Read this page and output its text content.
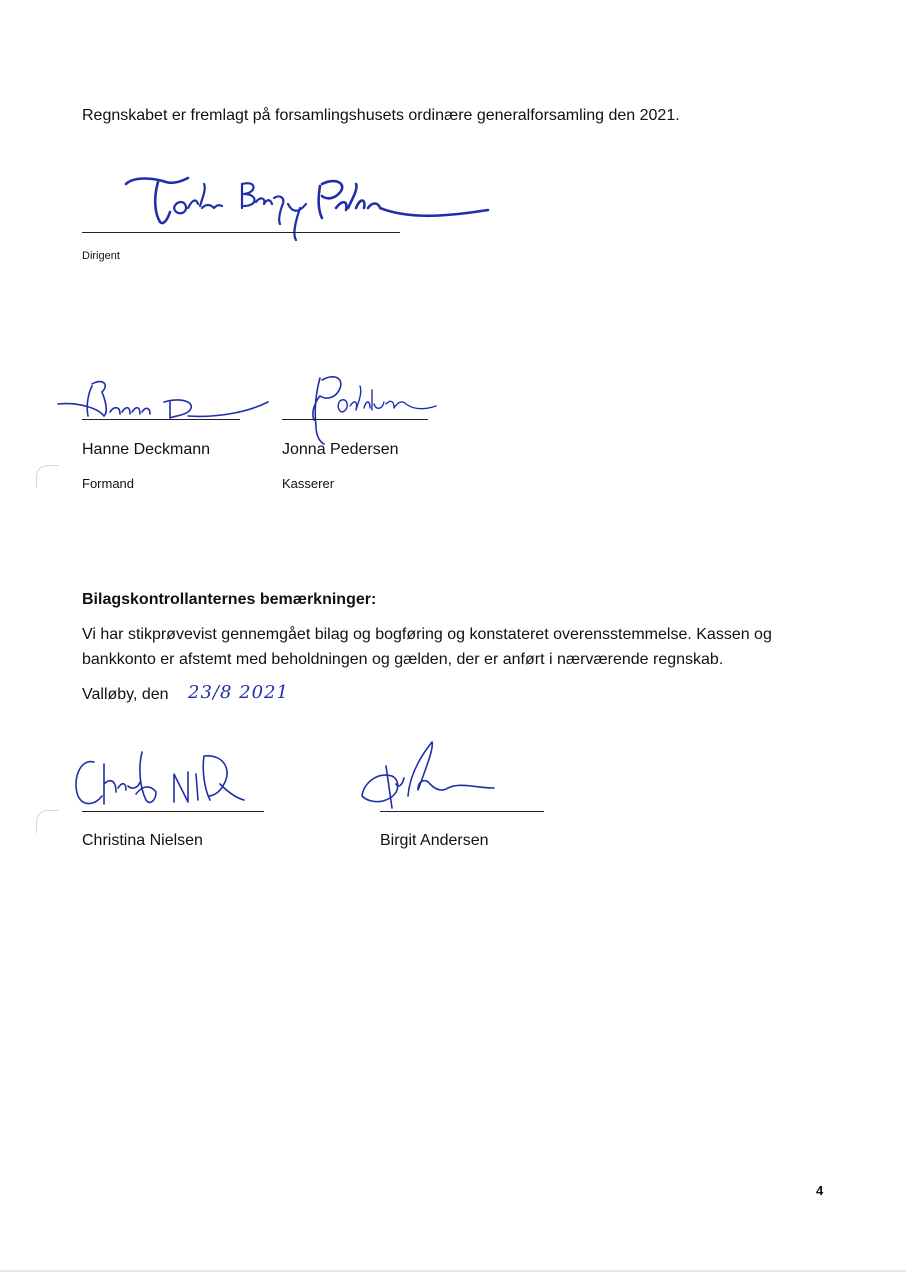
Regnskabet er fremlagt på forsamlingshusets ordinære generalforsamling den 2021.
Dirigent
Hanne Deckmann	Jonna Pedersen
Formand	Kasserer
Bilagskontrollanternes bemærkninger:
Vi har stikprøvevist gennemgået bilag og bogføring og konstateret overensstemmelse. Kassen og
bankkonto er afstemt med beholdningen og gælden, der er anført i nærværende regnskab.
Valløby, den 23/8 2021
Christina Nielsen	Birgit Andersen
4
